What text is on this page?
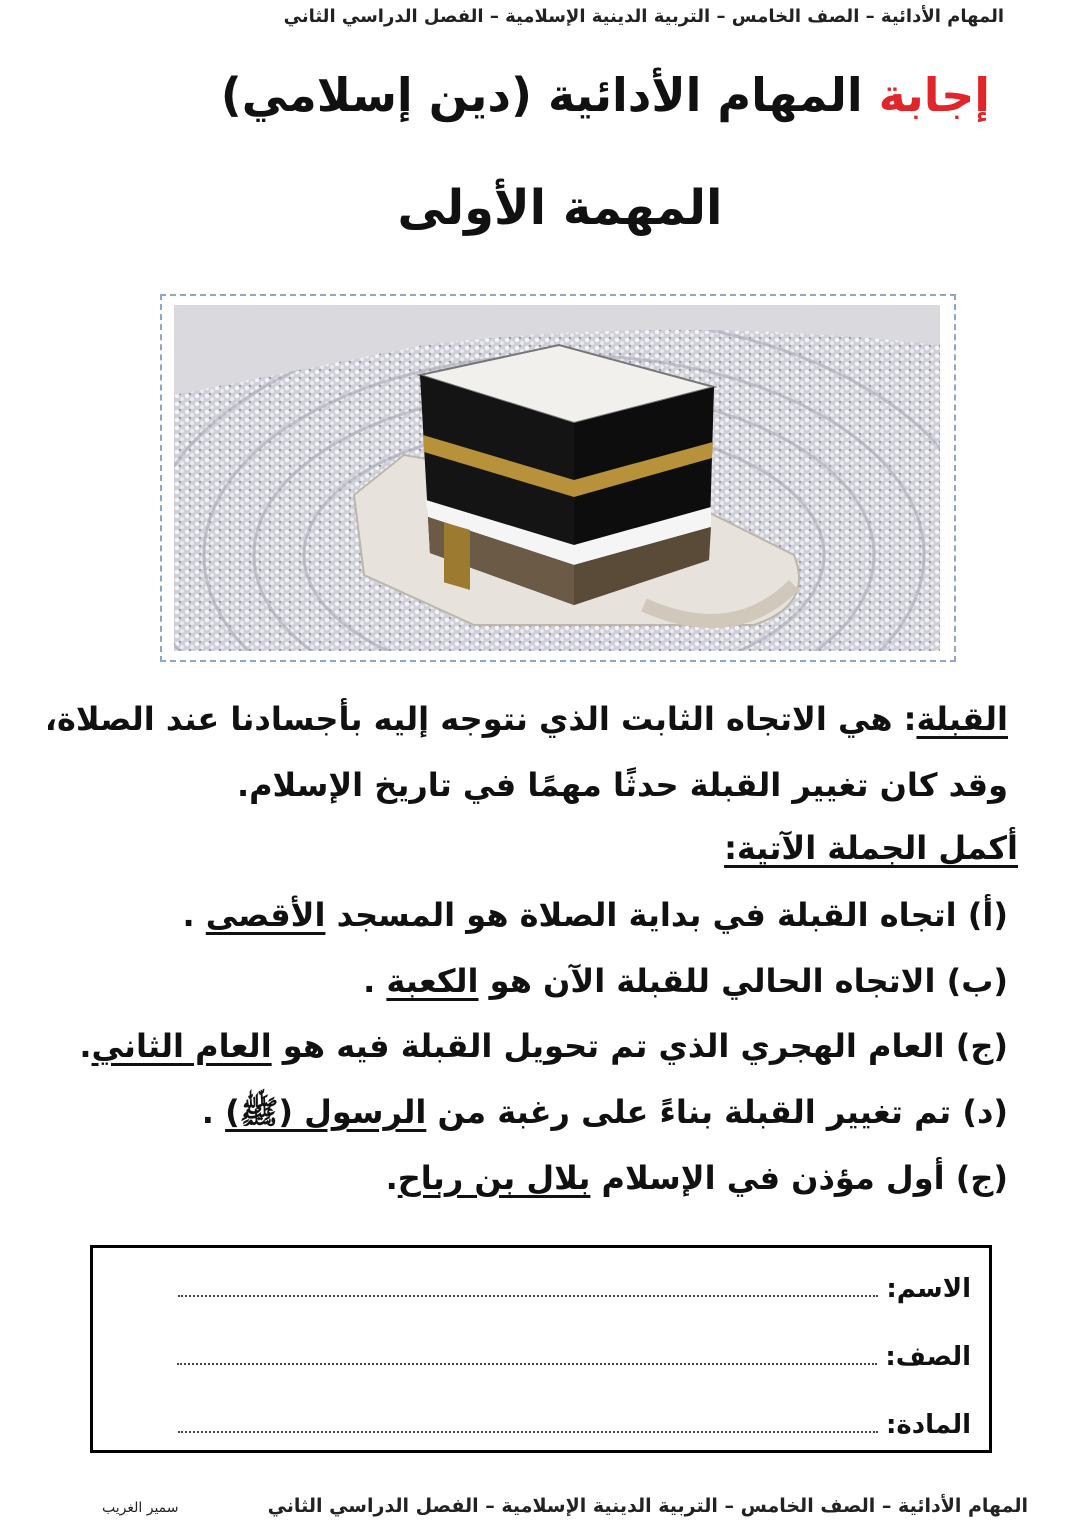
المهام الأدائية – الصف الخامس – التربية الدينية الإسلامية – الفصل الدراسي الثاني
إجابة المهام الأدائية (دين إسلامي)
المهمة الأولى
القبلة: هي الاتجاه الثابت الذي نتوجه إليه بأجسادنا عند الصلاة،
وقد كان تغيير القبلة حدثًا مهمًا في تاريخ الإسلام.
أكمل الجملة الآتية:
(أ) اتجاه القبلة في بداية الصلاة هو المسجد الأقصى .
(ب) الاتجاه الحالي للقبلة الآن هو الكعبة .
(ج) العام الهجري الذي تم تحويل القبلة فيه هو العام الثاني.
(د) تم تغيير القبلة بناءً على رغبة من الرسول (ﷺ) .
(ج) أول مؤذن في الإسلام بلال بن رباح.
الاسم:
الصف:
المادة:
المهام الأدائية – الصف الخامس – التربية الدينية الإسلامية – الفصل الدراسي الثاني
سمير الغريب
